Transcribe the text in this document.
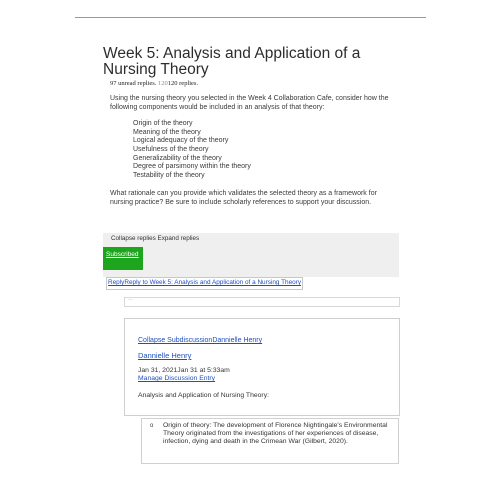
Week 5: Analysis and Application of a Nursing Theory
97 unread replies. 120120 replies.

Using the nursing theory you selected in the Week 4 Collaboration Cafe, consider how the following components would be included in an analysis of that theory:

Origin of the theory
Meaning of the theory
Logical adequacy of the theory
Usefulness of the theory
Generalizability of the theory
Degree of parsimony within the theory
Testability of the theory

What rationale can you provide which validates the selected theory as a framework for nursing practice? Be sure to include scholarly references to support your discussion.

Collapse replies Expand replies
Subscribed
ReplyReply to Week 5: Analysis and Application of a Nursing Theory
⋯
Collapse SubdiscussionDannielle Henry
Dannielle Henry
Jan 31, 2021Jan 31 at 5:33am
Manage Discussion Entry
Analysis and Application of Nursing Theory:
o Origin of theory: The development of Florence Nightingale's Environmental Theory originated from the investigations of her experiences of disease, infection, dying and death in the Crimean War (Gilbert, 2020).
